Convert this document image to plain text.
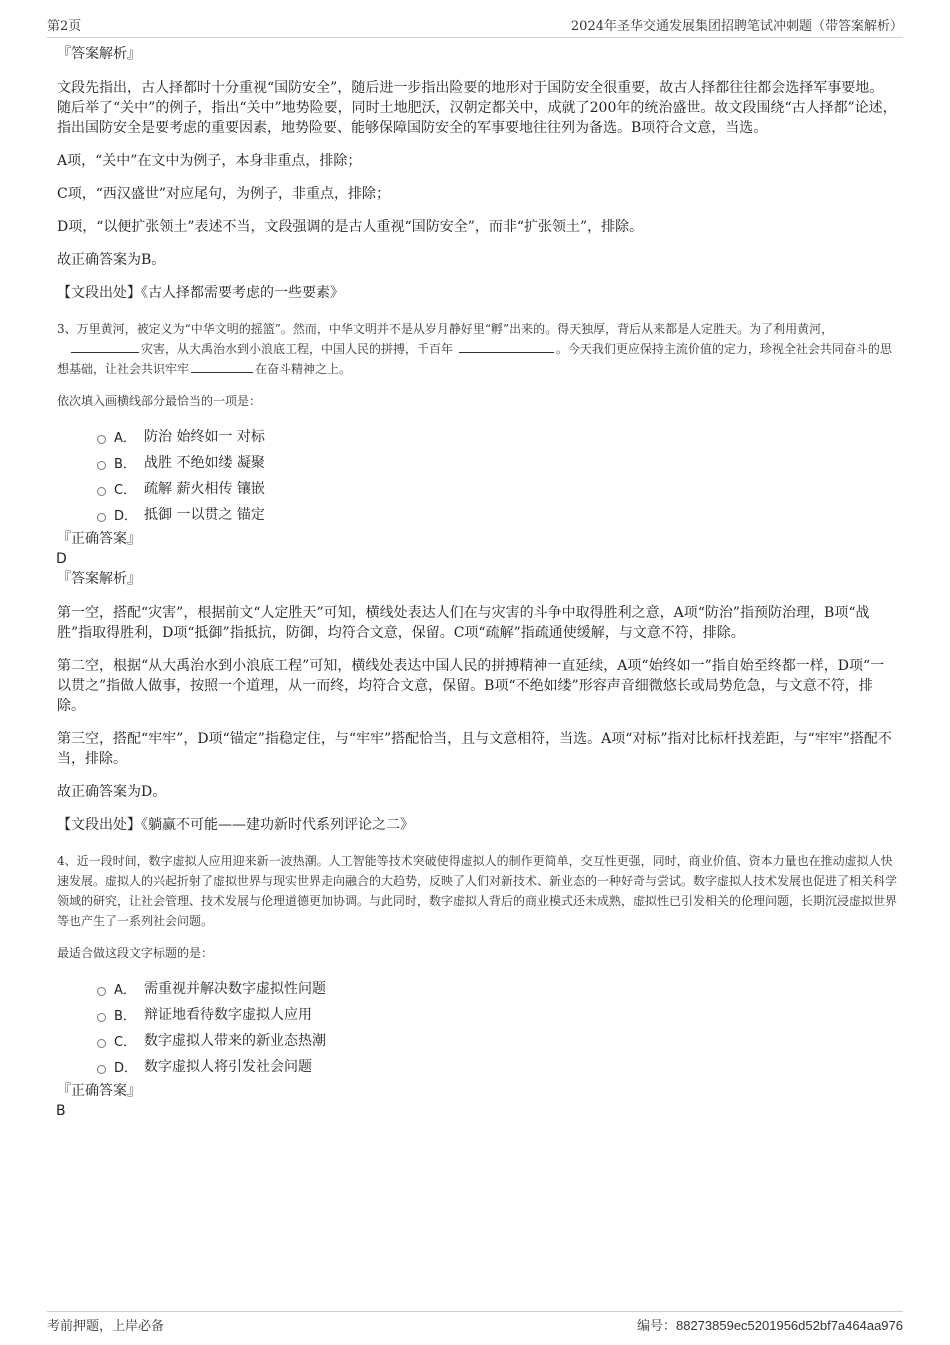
第2页	2024年圣华交通发展集团招聘笔试冲刺题（带答案解析）
『答案解析』

文段先指出，古人择都时十分重视“国防安全”，随后进一步指出险要的地形对于国防安全很重要，故古人择都往往都会选择军事要地。随后举了“关中”的例子，指出“关中”地势险要，同时土地肥沃，汉朝定都关中，成就了200年的统治盛世。故文段围绕“古人择都”论述，指出国防安全是要考虑的重要因素，地势险要、能够保障国防安全的军事要地往往列为备选。B项符合文意，当选。

A项，“关中”在文中为例子，本身非重点，排除；

C项，“西汉盛世”对应尾句，为例子，非重点，排除；

D项，“以便扩张领土”表述不当，文段强调的是古人重视“国防安全”，而非“扩张领土”，排除。

故正确答案为B。

【文段出处】《古人择都需要考虑的一些要素》

3、万里黄河，被定义为“中华文明的摇篮”。然而，中华文明并不是从岁月静好里“孵”出来的。得天独厚，背后从来都是人定胜天。为了利用黄河，灾害，从大禹治水到小浪底工程，中国人民的拼搏，千百年	。今天我们更应保持主流价值的定力，珍视全社会共同奋斗的思想基础，让社会共识牢牢	在奋斗精神之上。

依次填入画横线部分最恰当的一项是：

A． 防治 始终如一 对标
B． 战胜 不绝如缕 凝聚
C． 疏解 薪火相传 镶嵌
D． 抵御 一以贯之 锚定
『正确答案』
D
『答案解析』

第一空，搭配“灾害”，根据前文“人定胜天”可知，横线处表达人们在与灾害的斗争中取得胜利之意，A项“防治”指预防治理，B项“战胜”指取得胜利，D项“抵御”指抵抗，防御，均符合文意，保留。C项“疏解”指疏通使缓解，与文意不符，排除。

第二空，根据“从大禹治水到小浪底工程”可知，横线处表达中国人民的拼搏精神一直延续，A项“始终如一”指自始至终都一样，D项“一以贯之”指做人做事，按照一个道理，从一而终，均符合文意，保留。B项“不绝如缕”形容声音细微悠长或局势危急，与文意不符，排除。

第三空，搭配“牢牢”，D项“锚定”指稳定住，与“牢牢”搭配恰当，且与文意相符，当选。A项“对标”指对比标杆找差距，与“牢牢”搭配不当，排除。

故正确答案为D。

【文段出处】《躺赢不可能——建功新时代系列评论之二》

4、近一段时间，数字虚拟人应用迎来新一波热潮。人工智能等技术突破使得虚拟人的制作更简单，交互性更强，同时，商业价值、资本力量也在推动虚拟人快速发展。虚拟人的兴起折射了虚拟世界与现实世界走向融合的大趋势，反映了人们对新技术、新业态的一种好奇与尝试。数字虚拟人技术发展也促进了相关科学领域的研究，让社会管理、技术发展与伦理道德更加协调。与此同时，数字虚拟人背后的商业模式还未成熟，虚拟性已引发相关的伦理问题，长期沉浸虚拟世界等也产生了一系列社会问题。

最适合做这段文字标题的是：

A． 需重视并解决数字虚拟性问题
B． 辩证地看待数字虚拟人应用
C． 数字虚拟人带来的新业态热潮
D． 数字虚拟人将引发社会问题
『正确答案』
B
考前押题，上岸必备	编号：88273859ec5201956d52bf7a464aa976
